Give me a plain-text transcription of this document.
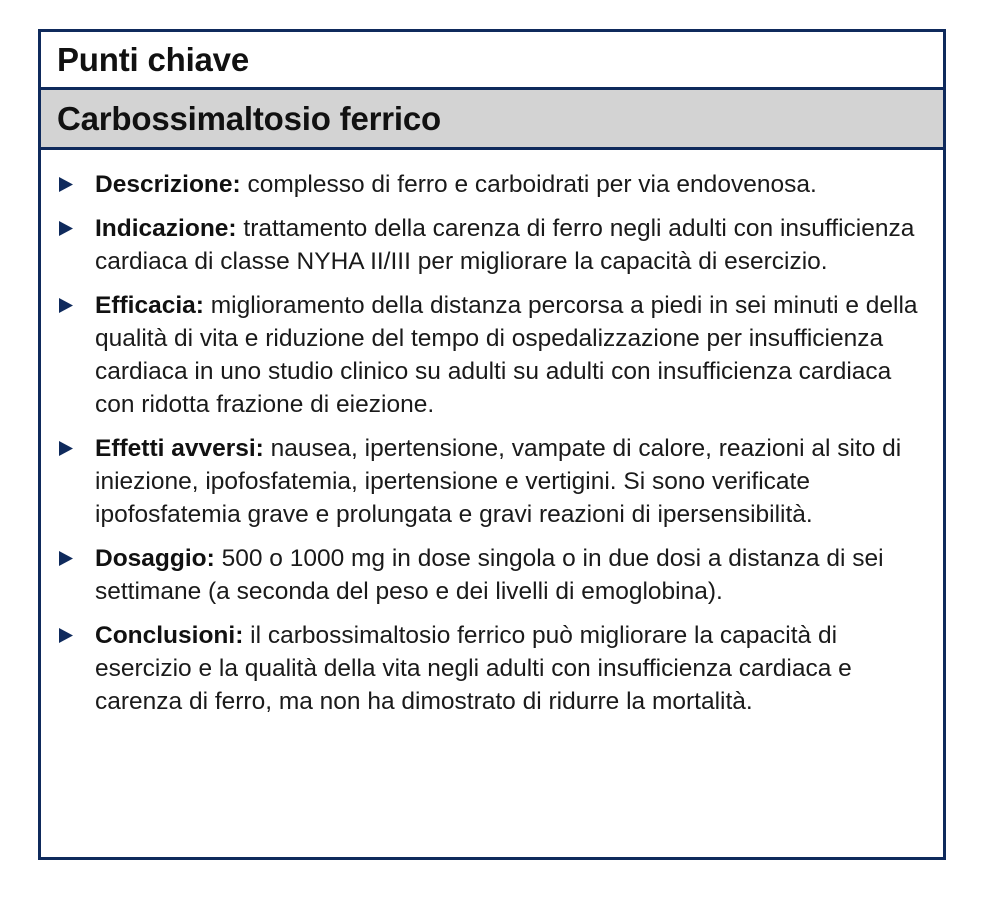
Punti chiave
Carbossimaltosio ferrico
Descrizione: complesso di ferro e carboidrati per via endovenosa.
Indicazione: trattamento della carenza di ferro negli adulti con insufficienza cardiaca di classe NYHA II/III per migliorare la capacità di esercizio.
Efficacia: miglioramento della distanza percorsa a piedi in sei minuti e della qualità di vita e riduzione del tempo di ospedalizzazione per insufficienza cardiaca in uno studio clinico su adulti su adulti con insufficienza cardiaca con ridotta frazione di eiezione.
Effetti avversi: nausea, ipertensione, vampate di calore, reazioni al sito di iniezione, ipofosfatemia, ipertensione e vertigini. Si sono verificate ipofosfatemia grave e prolungata e gravi reazioni di ipersensibilità.
Dosaggio: 500 o 1000 mg in dose singola o in due dosi a distanza di sei settimane (a seconda del peso e dei livelli di emoglobina).
Conclusioni: il carbossimaltosio ferrico può migliorare la capacità di esercizio e la qualità della vita negli adulti con insufficienza cardiaca e carenza di ferro, ma non ha dimostrato di ridurre la mortalità.
